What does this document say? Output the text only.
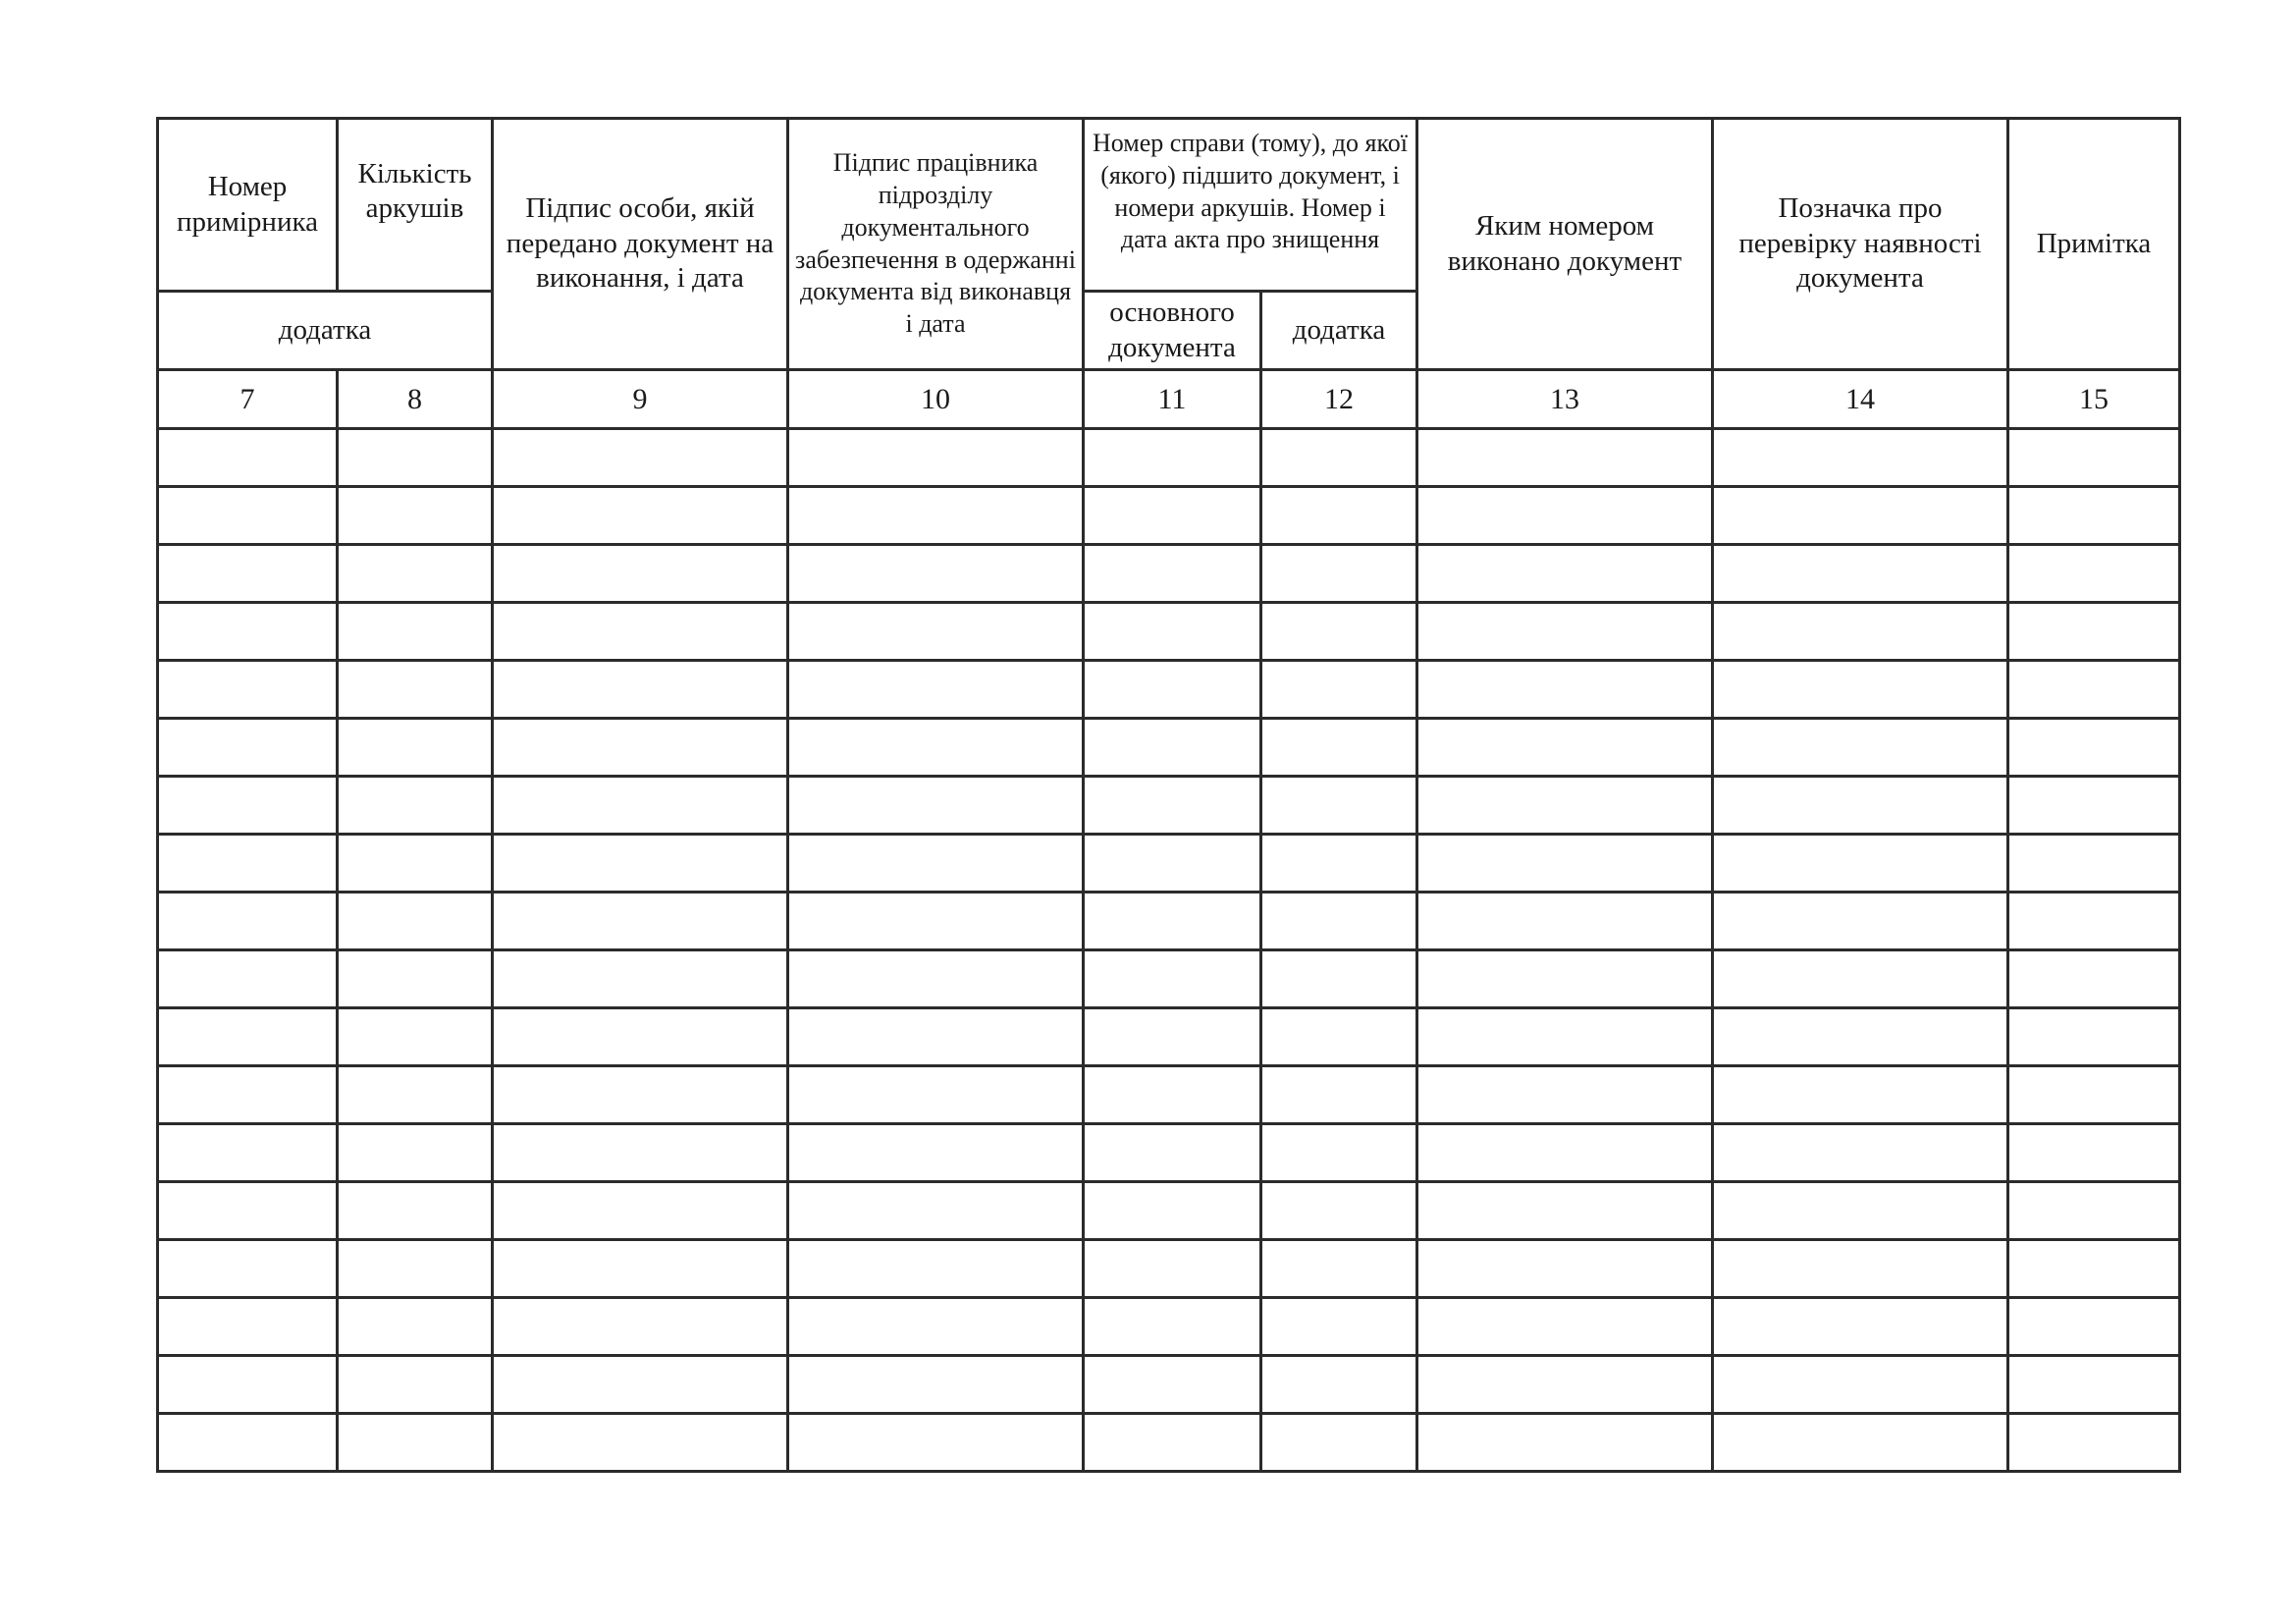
Номер примірника	Кількість аркушів	Підпис особи, якій передано документ на виконання, і дата	Підпис працівника підрозділу документального забезпечення в одержанні документа від виконавця і дата	Номер справи (тому), до якої (якого) підшито документ, і номери аркушів. Номер і дата акта про знищення		Яким номером виконано документ	Позначка про перевірку наявності документа	Примітка
додатка				основного документа	додатка			
7	8	9	10	11	12	13	14	15
